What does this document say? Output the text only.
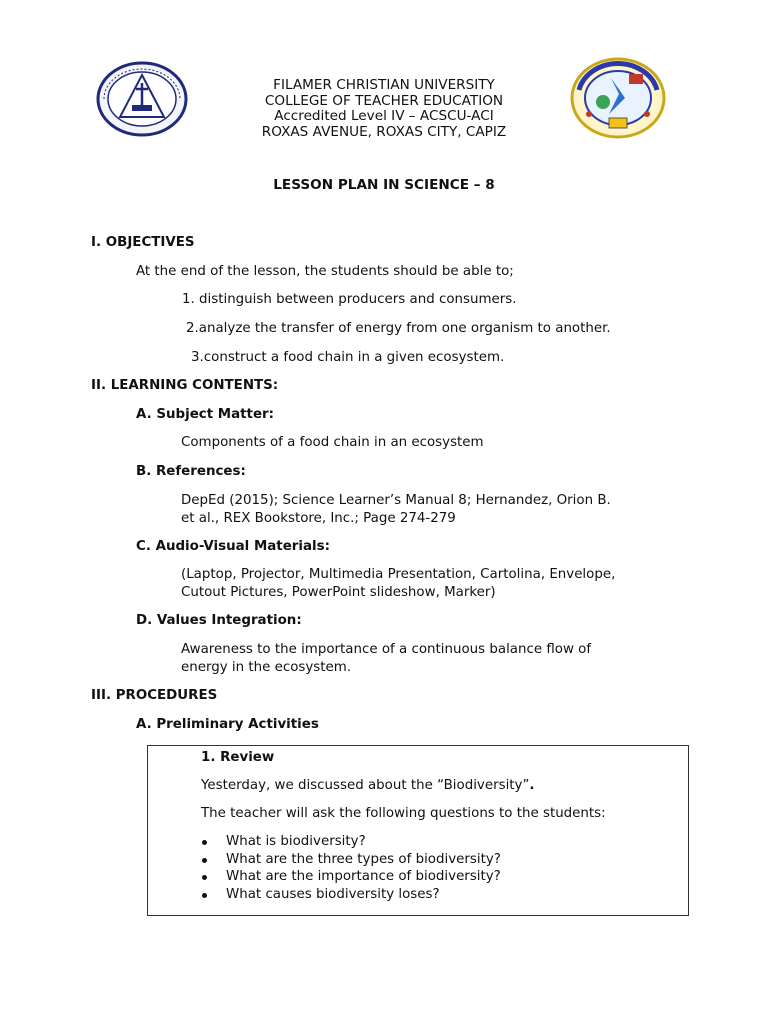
FILAMER CHRISTIAN UNIVERSITY
COLLEGE OF TEACHER EDUCATION
Accredited Level IV – ACSCU-ACI
ROXAS AVENUE, ROXAS CITY, CAPIZ
LESSON PLAN IN SCIENCE – 8
I. OBJECTIVES
At the end of the lesson, the students should be able to;
1. distinguish between producers and consumers.
2.analyze the transfer of energy from one organism to another.
3.construct a food chain in a given ecosystem.
II. LEARNING CONTENTS:
A. Subject Matter:
Components of a food chain in an ecosystem
B. References:
DepEd (2015); Science Learner’s Manual 8; Hernandez, Orion B.
et al., REX Bookstore, Inc.; Page 274-279
C. Audio-Visual Materials:
(Laptop, Projector, Multimedia Presentation, Cartolina, Envelope,
Cutout Pictures, PowerPoint slideshow, Marker)
D. Values Integration:
Awareness to the importance of a continuous balance flow of
energy in the ecosystem.
III. PROCEDURES
A. Preliminary Activities
1. Review
Yesterday, we discussed about the “Biodiversity”.
The teacher will ask the following questions to the students:
What is biodiversity?
What are the three types of biodiversity?
What are the importance of biodiversity?
What causes biodiversity loses?
